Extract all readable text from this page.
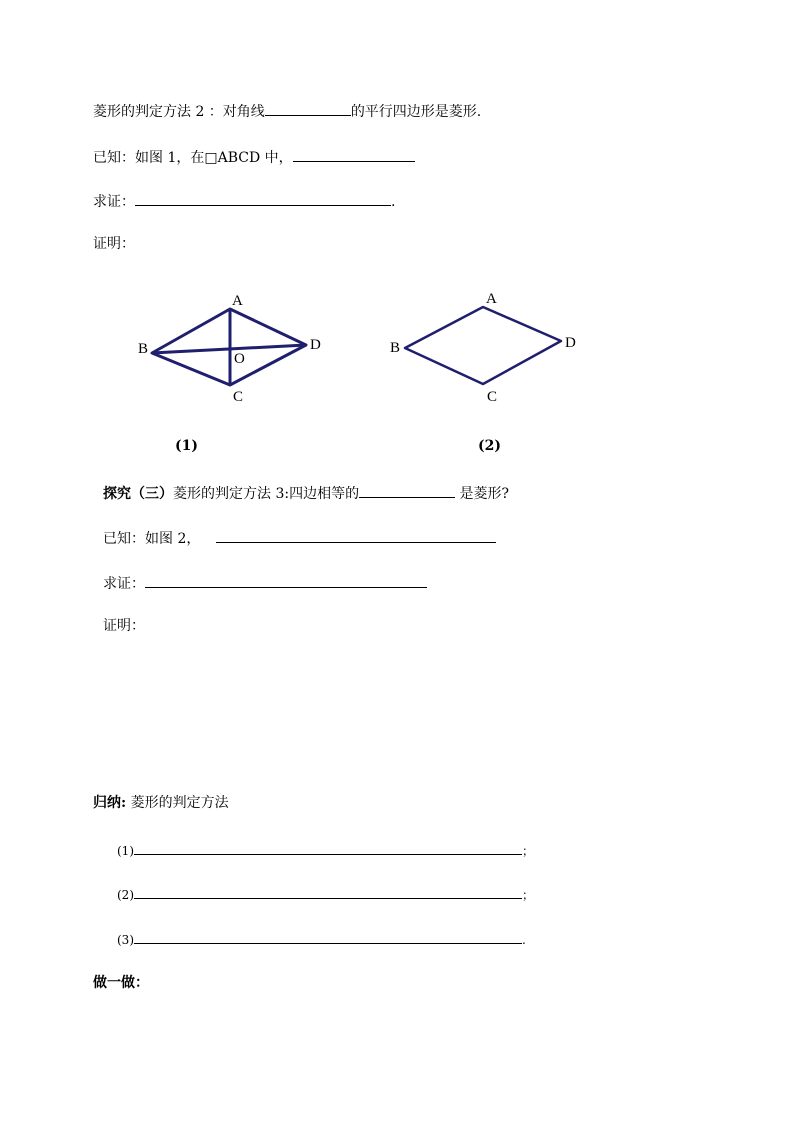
菱形的判定方法 2 ：对角线	的平行四边形是菱形.
已知：如图 1，在□ABCD 中，
求证：	.
证明：
A
B
C
D
O
(1)
A
B
C
D
(2)
探究（三）菱形的判定方法 3:四边相等的	是菱形?
已知：如图 2，
求证：
证明：
归纳: 菱形的判定方法
(1)	；
(2)	；
(3)	.
做一做：
